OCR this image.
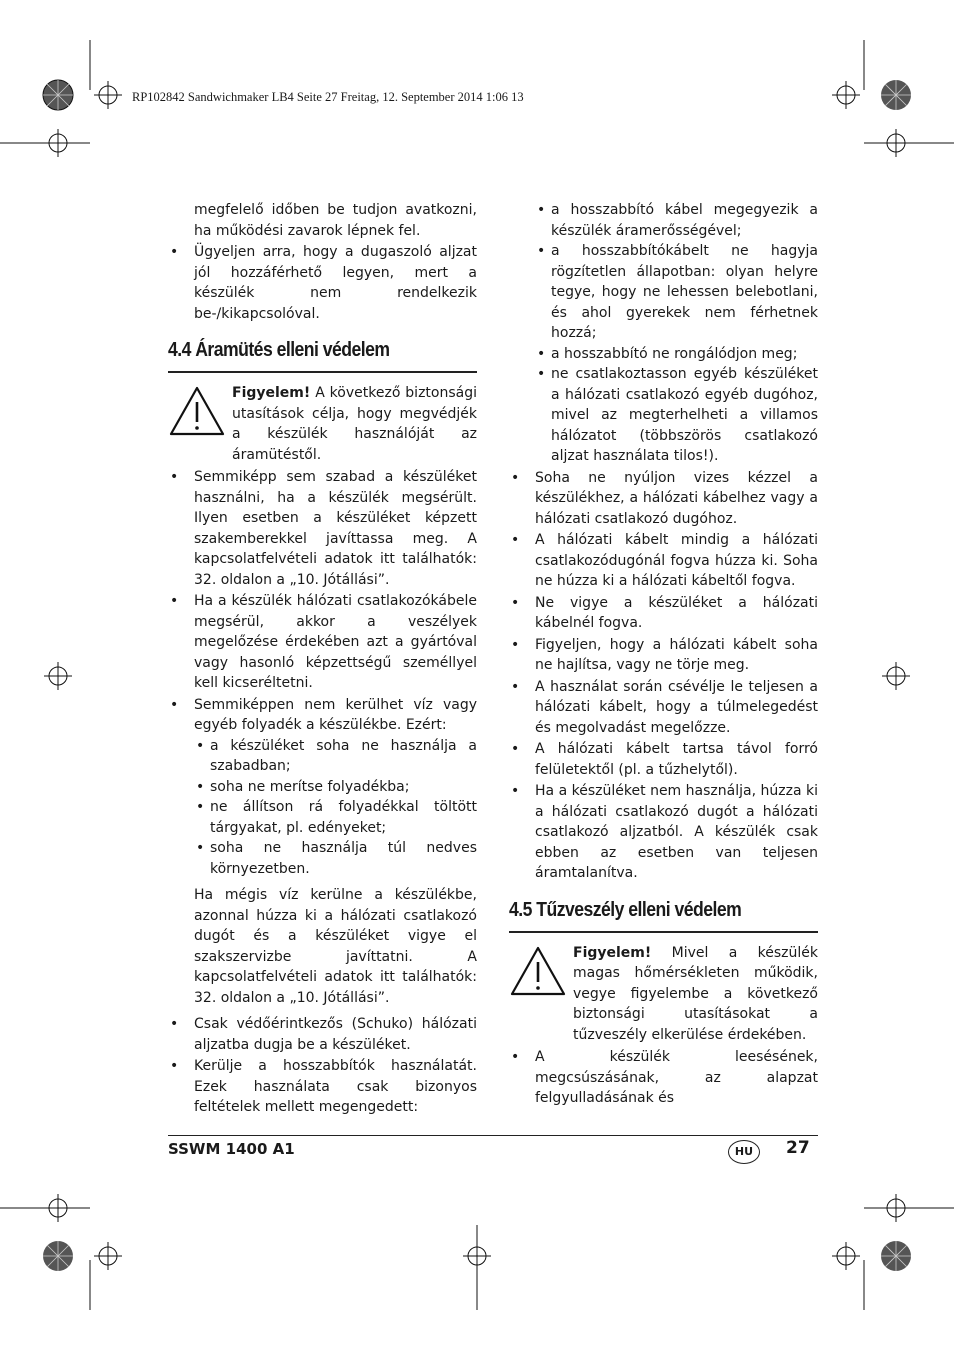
RP102842 Sandwichmaker LB4 Seite 27 Freitag, 12. September 2014 1:06 13

megfelelő időben be tudjon avatkozni, ha működési zavarok lépnek fel.

• Ügyeljen arra, hogy a dugaszoló aljzat jól hozzáférhető legyen, mert a készülék nem rendelkezik be-/kikapcsolóval.
4.4 Áramütés elleni védelem
Figyelem! A következő biztonsági utasítások célja, hogy megvédjék a készülék használóját az áramütéstől.
• Semmiképp sem szabad a készüléket használni, ha a készülék megsérült. Ilyen esetben a készüléket képzett szakemberekkel javíttassa meg. A kapcsolatfelvételi adatok itt találhatók: 32. oldalon a „10. Jótállási”.
• Ha a készülék hálózati csatlakozókábele megsérül, akkor a veszélyek megelőzése érdekében azt a gyártóval vagy hasonló képzettségű személlyel kell kicseréltetni.
• Semmiképpen nem kerülhet víz vagy egyéb folyadék a készülékbe. Ezért:
• a készüléket soha ne használja a szabadban;
• soha ne merítse folyadékba;
• ne állítson rá folyadékkal töltött tárgyakat, pl. edényeket;
• soha ne használja túl nedves környezetben.

Ha mégis víz kerülne a készülékbe, azonnal húzza ki a hálózati csatlakozó dugót és a készüléket vigye el szakszervizbe javíttatni. A kapcsolatfelvételi adatok itt találhatók: 32. oldalon a „10. Jótállási”.

• Csak védőérintkezős (Schuko) hálózati aljzatba dugja be a készüléket.
• Kerülje a hosszabbítók használatát. Ezek használata csak bizonyos feltételek mellett megengedett:
• a hosszabbító kábel megegyezik a készülék áramerősségével;
• a hosszabbítókábelt ne hagyja rögzítetlen állapotban: olyan helyre tegye, hogy ne lehessen belebotlani, és ahol gyerekek nem férhetnek hozzá;
• a hosszabbító ne rongálódjon meg;
• ne csatlakoztasson egyéb készüléket a hálózati csatlakozó egyéb dugóhoz, mivel az megterhelheti a villamos hálózatot (többszörös csatlakozó aljzat használata tilos!).
• Soha ne nyúljon vizes kézzel a készülékhez, a hálózati kábelhez vagy a hálózati csatlakozó dugóhoz.
• A hálózati kábelt mindig a hálózati csatlakozódugónál fogva húzza ki. Soha ne húzza ki a hálózati kábeltől fogva.
• Ne vigye a készüléket a hálózati kábelnél fogva.
• Figyeljen, hogy a hálózati kábelt soha ne hajlítsa, vagy ne törje meg.
• A használat során csévélje le teljesen a hálózati kábelt, hogy a túlmelegedést és megolvadást megelőzze.
• A hálózati kábelt tartsa távol forró felületektől (pl. a tűzhelytől).
• Ha a készüléket nem használja, húzza ki a hálózati csatlakozó dugót a hálózati csatlakozó aljzatból. A készülék csak ebben az esetben van teljesen áramtalanítva.
4.5 Tűzveszély elleni védelem
Figyelem! Mivel a készülék magas hőmérsékleten működik, vegye figyelembe a következő biztonsági utasításokat a tűzveszély elkerülése érdekében.
• A készülék leesésének, megcsúszásának, az alapzat felgyulladásának és
SSWM 1400 A1	HU	27
